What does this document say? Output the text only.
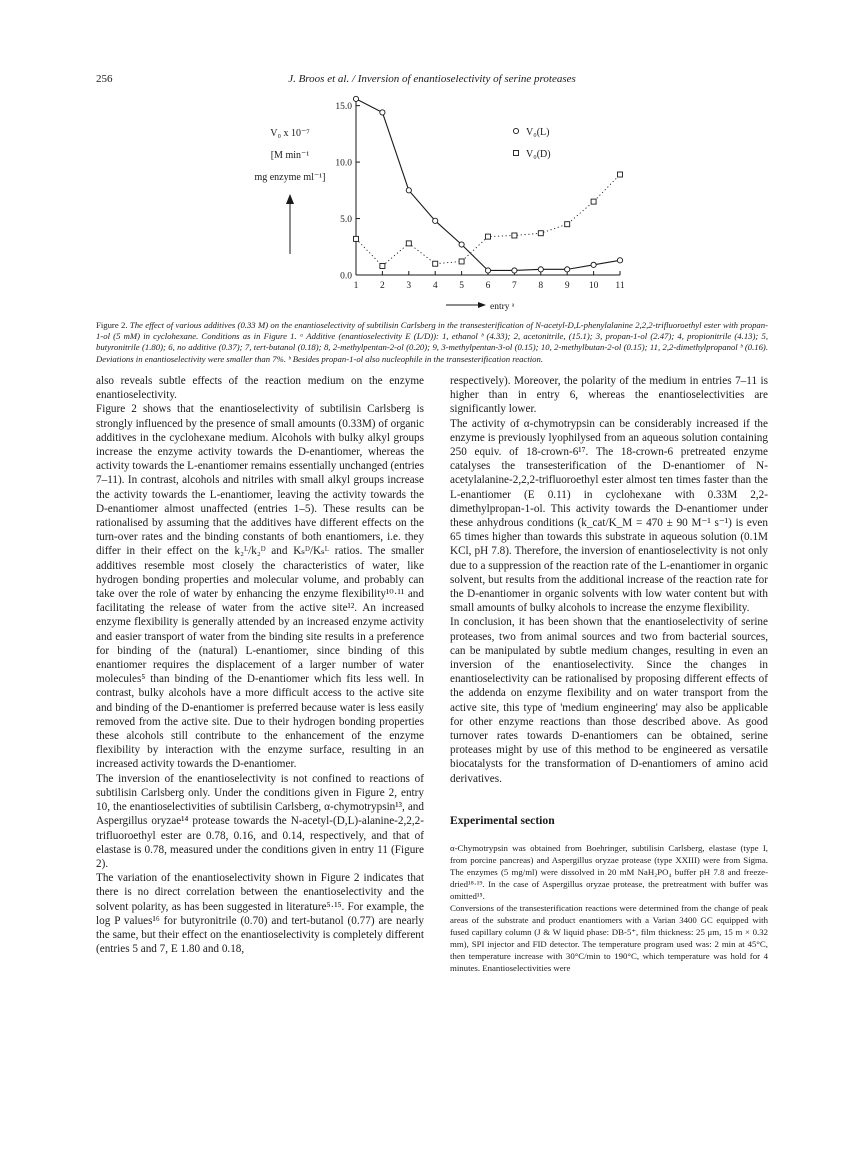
256	J. Broos et al. / Inversion of enantioselectivity of serine proteases
V₀ x 10⁻⁷
[M min⁻¹
mg enzyme ml⁻¹]
0.0
5.0
10.0
15.0
1 2 3 4 5 6 7 8 9 10 11
V₀(L)
V₀(D)
entry ᵃ

Figure 2. The effect of various additives (0.33 M) on the enantioselectivity of subtilisin Carlsberg in the transesterification of N-acetyl-D,L-phenylalanine 2,2,2-trifluoroethyl ester with propan-1-ol (5 mM) in cyclohexane. Conditions as in Figure 1. ᵃ Additive (enantioselectivity E (L/D)): 1, ethanol ᵇ (4.33); 2, acetonitrile, (15.1); 3, propan-1-ol (2.47); 4, propionitrile (4.13); 5, butyronitrile (1.80); 6, no additive (0.37); 7, tert-butanol (0.18); 8, 2-methylpentan-2-ol (0.20); 9, 3-methylpentan-3-ol (0.15); 10, 2-methylbutan-2-ol (0.15); 11, 2,2-dimethylpropanol ᵇ (0.16). Deviations in enantioselectivity were smaller than 7%. ᵇ Besides propan-1-ol also nucleophile in the transesterification reaction.

also reveals subtle effects of the reaction medium on the enzyme enantioselectivity.

Figure 2 shows that the enantioselectivity of subtilisin Carlsberg is strongly influenced by the presence of small amounts (0.33M) of organic additives in the cyclohexane medium. Alcohols with bulky alkyl groups increase the enzyme activity towards the D-enantiomer, whereas the activity towards the L-enantiomer remains essentially unchanged (entries 7–11). In contrast, alcohols and nitriles with small alkyl groups increase the activity towards the L-enantiomer, leaving the activity towards the D-enantiomer almost unaffected (entries 1–5). These results can be rationalised by assuming that the additives have different effects on the turn-over rates and the binding constants of both enantiomers, i.e. they differ in their effect on the k₂ᴸ/k₂ᴰ and Kₛᴰ/Kₛᴸ ratios. The smaller additives resemble most closely the characteristics of water, like hydrogen bonding properties and molecular volume, and probably can take over the role of water by enhancing the enzyme flexibility¹⁰·¹¹ and facilitating the release of water from the active site¹². An increased enzyme flexibility is generally attended by an increased enzyme activity and easier transport of water from the binding site results in a preference for binding of the (natural) L-enantiomer, since binding of this enantiomer requires the displacement of a larger number of water molecules⁵ than binding of the D-enantiomer which fits less well. In contrast, bulky alcohols have a more difficult access to the active site and binding of the D-enantiomer is preferred because water is less easily removed from the active site. Due to their hydrogen bonding properties these alcohols still contribute to the enhancement of the enzyme flexibility by interaction with the enzyme surface, resulting in an increased activity towards the D-enantiomer.

The inversion of the enantioselectivity is not confined to reactions of subtilisin Carlsberg only. Under the conditions given in Figure 2, entry 10, the enantioselectivities of subtilisin Carlsberg, α-chymotrypsin¹³, and Aspergillus oryzae¹⁴ protease towards the N-acetyl-(D,L)-alanine-2,2,2-trifluoroethyl ester are 0.78, 0.16, and 0.14, respectively, and that of elastase is 0.78, measured under the conditions given in entry 11 (Figure 2).

The variation of the enantioselectivity shown in Figure 2 indicates that there is no direct correlation between the enantioselectivity and the solvent polarity, as has been suggested in literature⁵·¹⁵. For example, the log P values¹⁶ for butyronitrile (0.70) and tert-butanol (0.77) are nearly the same, but their effect on the enantioselectivity is completely different (entries 5 and 7, E 1.80 and 0.18,

respectively). Moreover, the polarity of the medium in entries 7–11 is higher than in entry 6, whereas the enantioselectivities are significantly lower.

The activity of α-chymotrypsin can be considerably increased if the enzyme is previously lyophilysed from an aqueous solution containing 250 equiv. of 18-crown-6¹⁷. The 18-crown-6 pretreated enzyme catalyses the transesterification of the D-enantiomer of N-acetylalanine-2,2,2-trifluoroethyl ester almost ten times faster than the L-enantiomer (E 0.11) in cyclohexane with 0.33M 2,2-dimethylpropan-1-ol. This activity towards the D-enantiomer under these anhydrous conditions (k_cat/K_M = 470 ± 90 M⁻¹ s⁻¹) is even 65 times higher than towards this substrate in aqueous solution (0.1M KCl, pH 7.8). Therefore, the inversion of enantioselectivity is not only due to a suppression of the reaction rate of the L-enantiomer in organic solvent, but results from the additional increase of the reaction rate for the D-enantiomer in organic solvents with low water content but with small amounts of bulky alcohols to increase the enzyme flexibility.

In conclusion, it has been shown that the enantioselectivity of serine proteases, two from animal sources and two from bacterial sources, can be manipulated by subtle medium changes, resulting in even an inversion of the enantioselectivity. Since the changes in enantioselectivity can be rationalised by proposing different effects of the addenda on enzyme flexibility and on water transport from the active site, this type of 'medium engineering' may also be applicable for other enzyme reactions than those described above. As good turnover rates towards D-enantiomers can be obtained, serine proteases might by use of this method to be engineered as versatile biocatalysts for the transformation of D-enantiomers of amino acid derivatives.

Experimental section

α-Chymotrypsin was obtained from Boehringer, subtilisin Carlsberg, elastase (type I, from porcine pancreas) and Aspergillus oryzae protease (type XXIII) were from Sigma. The enzymes (5 mg/ml) were dissolved in 20 mM NaH₂PO₄ buffer pH 7.8 and freeze-dried¹⁸·¹⁹. In the case of Aspergillus oryzae protease, the pretreatment with buffer was omitted¹⁵.

Conversions of the transesterification reactions were determined from the change of peak areas of the substrate and product enantiomers with a Varian 3400 GC equipped with fused capillary column (J & W liquid phase: DB-5⁺, film thickness: 25 μm, 15 m × 0.32 mm), SPI injector and FID detector. The temperature program used was: 2 min at 45°C, then temperature increase with 30°C/min to 190°C, which temperature was hold for 4 minutes. Enantioselectivities were
